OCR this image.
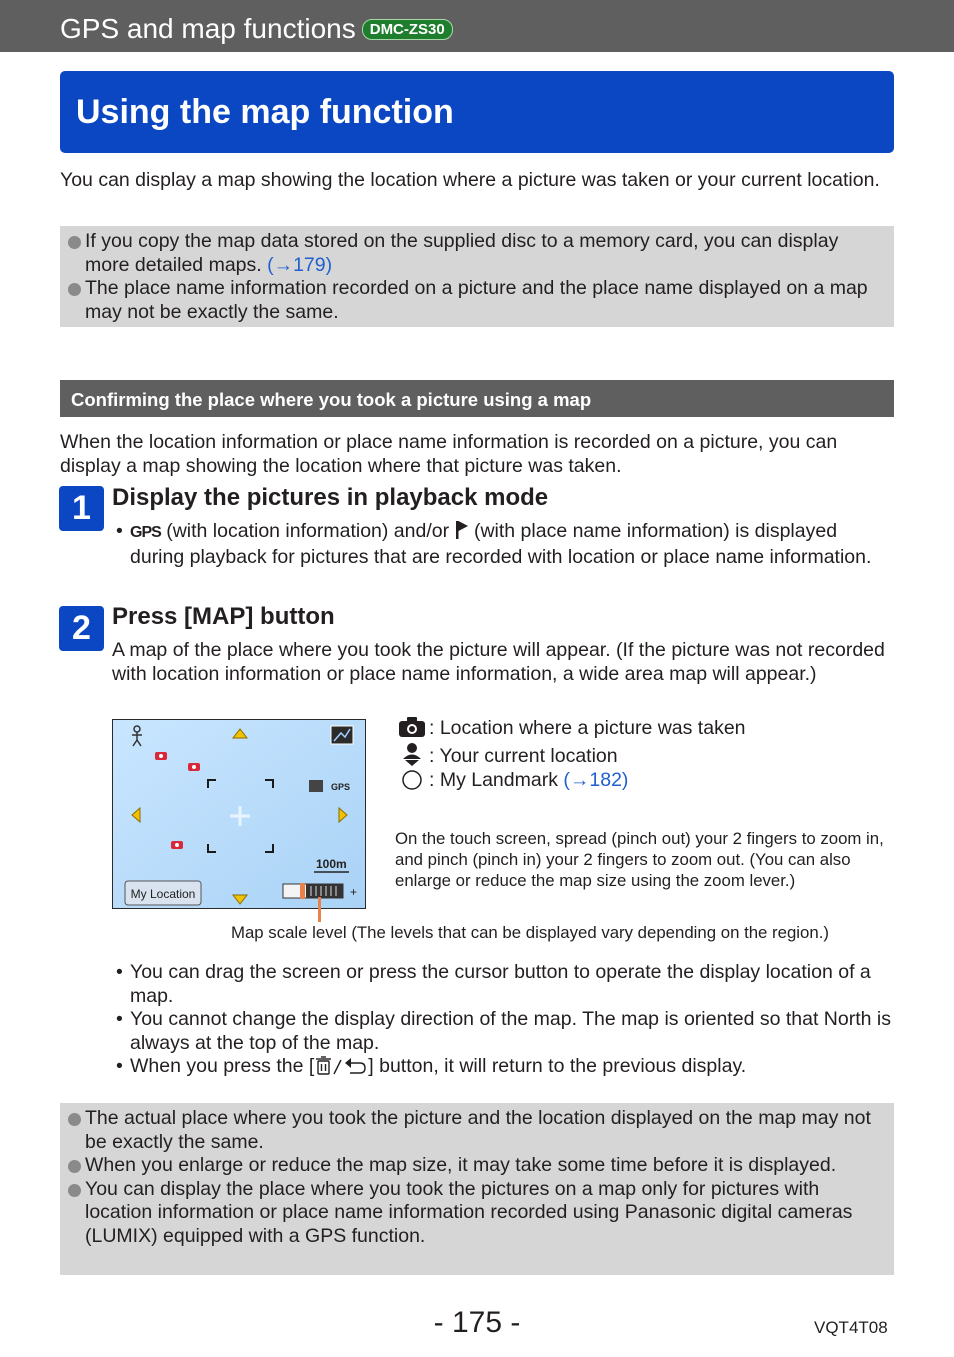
GPS and map functions DMC-ZS30
Using the map function
You can display a map showing the location where a picture was taken or your current location.
If you copy the map data stored on the supplied disc to a memory card, you can display more detailed maps. (→179)
The place name information recorded on a picture and the place name displayed on a map may not be exactly the same.
Confirming the place where you took a picture using a map
When the location information or place name information is recorded on a picture, you can display a map showing the location where that picture was taken.
1 Display the pictures in playback mode
• GPS (with location information) and/or (with place name information) is displayed during playback for pictures that are recorded with location or place name information.
2 Press [MAP] button
A map of the place where you took the picture will appear. (If the picture was not recorded with location information or place name information, a wide area map will appear.)
GPS
My Location
100m
+
: Location where a picture was taken
: Your current location
: My Landmark (→182)
On the touch screen, spread (pinch out) your 2 fingers to zoom in, and pinch (pinch in) your 2 fingers to zoom out. (You can also enlarge or reduce the map size using the zoom lever.)
Map scale level (The levels that can be displayed vary depending on the region.)
• You can drag the screen or press the cursor button to operate the display location of a map.
• You cannot change the display direction of the map. The map is oriented so that North is always at the top of the map.
• When you press the [	] button, it will return to the previous display.
The actual place where you took the picture and the location displayed on the map may not be exactly the same.
When you enlarge or reduce the map size, it may take some time before it is displayed.
You can display the place where you took the pictures on a map only for pictures with location information or place name information recorded using Panasonic digital cameras (LUMIX) equipped with a GPS function.
- 175 -	VQT4T08
